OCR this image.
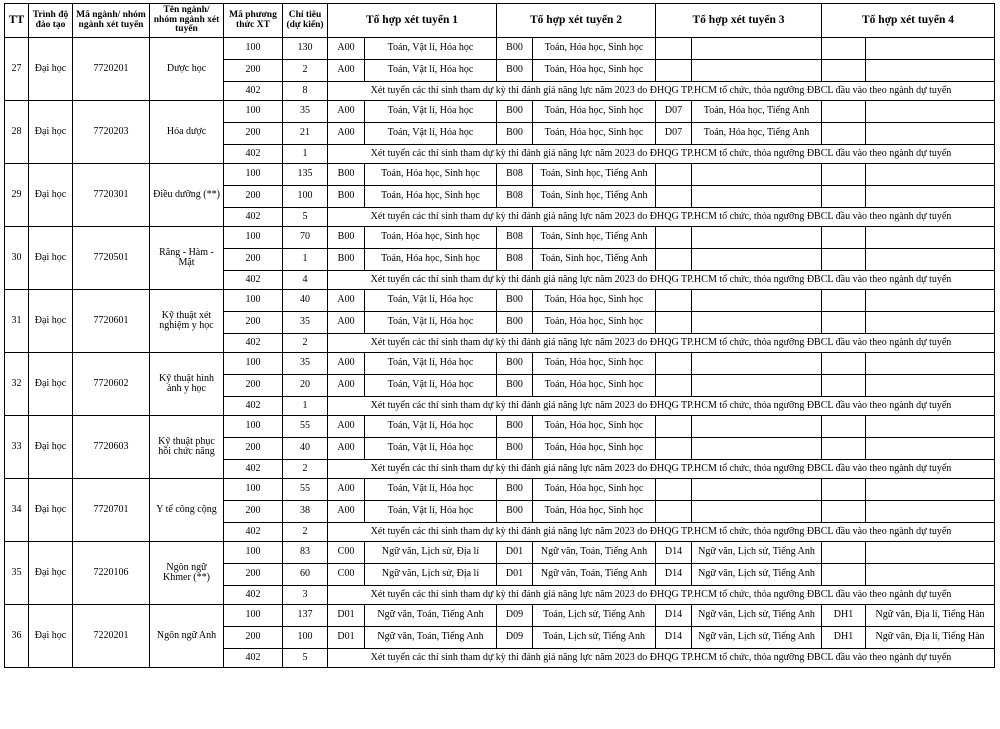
TT	Trình độ đào tạo	Mã ngành/ nhóm ngành xét tuyển	Tên ngành/ nhóm ngành xét tuyển	Mã phương thức XT	Chỉ tiêu (dự kiến)	Tổ hợp xét tuyển 1		Tổ hợp xét tuyển 2		Tổ hợp xét tuyển 3		Tổ hợp xét tuyển 4	
27	Đại học	7720201	Dược học	100	130	A00	Toán, Vật lí, Hóa học	B00	Toán, Hóa học, Sinh học				
				200	2	A00	Toán, Vật lí, Hóa học	B00	Toán, Hóa học, Sinh học				
				402	8	Xét tuyển các thí sinh tham dự kỳ thi đánh giá năng lực năm 2023 do ĐHQG TP.HCM tổ chức, thỏa ngưỡng ĐBCL đầu vào theo ngành dự tuyển							
28	Đại học	7720203	Hóa dược	100	35	A00	Toán, Vật lí, Hóa học	B00	Toán, Hóa học, Sinh học	D07	Toán, Hóa học, Tiếng Anh		
				200	21	A00	Toán, Vật lí, Hóa học	B00	Toán, Hóa học, Sinh học	D07	Toán, Hóa học, Tiếng Anh		
				402	1	Xét tuyển các thí sinh tham dự kỳ thi đánh giá năng lực năm 2023 do ĐHQG TP.HCM tổ chức, thỏa ngưỡng ĐBCL đầu vào theo ngành dự tuyển							
29	Đại học	7720301	Điều dưỡng (**)	100	135	B00	Toán, Hóa học, Sinh học	B08	Toán, Sinh học, Tiếng Anh				
				200	100	B00	Toán, Hóa học, Sinh học	B08	Toán, Sinh học, Tiếng Anh				
				402	5	Xét tuyển các thí sinh tham dự kỳ thi đánh giá năng lực năm 2023 do ĐHQG TP.HCM tổ chức, thỏa ngưỡng ĐBCL đầu vào theo ngành dự tuyển							
30	Đại học	7720501	Răng - Hàm - Mặt	100	70	B00	Toán, Hóa học, Sinh học	B08	Toán, Sinh học, Tiếng Anh				
				200	1	B00	Toán, Hóa học, Sinh học	B08	Toán, Sinh học, Tiếng Anh				
				402	4	Xét tuyển các thí sinh tham dự kỳ thi đánh giá năng lực năm 2023 do ĐHQG TP.HCM tổ chức, thỏa ngưỡng ĐBCL đầu vào theo ngành dự tuyển							
31	Đại học	7720601	Kỹ thuật xét nghiệm y học	100	40	A00	Toán, Vật lí, Hóa học	B00	Toán, Hóa học, Sinh học				
				200	35	A00	Toán, Vật lí, Hóa học	B00	Toán, Hóa học, Sinh học				
				402	2	Xét tuyển các thí sinh tham dự kỳ thi đánh giá năng lực năm 2023 do ĐHQG TP.HCM tổ chức, thỏa ngưỡng ĐBCL đầu vào theo ngành dự tuyển							
32	Đại học	7720602	Kỹ thuật hình ảnh y học	100	35	A00	Toán, Vật lí, Hóa học	B00	Toán, Hóa học, Sinh học				
				200	20	A00	Toán, Vật lí, Hóa học	B00	Toán, Hóa học, Sinh học				
				402	1	Xét tuyển các thí sinh tham dự kỳ thi đánh giá năng lực năm 2023 do ĐHQG TP.HCM tổ chức, thỏa ngưỡng ĐBCL đầu vào theo ngành dự tuyển							
33	Đại học	7720603	Kỹ thuật phục hồi chức năng	100	55	A00	Toán, Vật lí, Hóa học	B00	Toán, Hóa học, Sinh học				
				200	40	A00	Toán, Vật lí, Hóa học	B00	Toán, Hóa học, Sinh học				
				402	2	Xét tuyển các thí sinh tham dự kỳ thi đánh giá năng lực năm 2023 do ĐHQG TP.HCM tổ chức, thỏa ngưỡng ĐBCL đầu vào theo ngành dự tuyển							
34	Đại học	7720701	Y tế công cộng	100	55	A00	Toán, Vật lí, Hóa học	B00	Toán, Hóa học, Sinh học				
				200	38	A00	Toán, Vật lí, Hóa học	B00	Toán, Hóa học, Sinh học				
				402	2	Xét tuyển các thí sinh tham dự kỳ thi đánh giá năng lực năm 2023 do ĐHQG TP.HCM tổ chức, thỏa ngưỡng ĐBCL đầu vào theo ngành dự tuyển							
35	Đại học	7220106	Ngôn ngữ Khmer (**)	100	83	C00	Ngữ văn, Lịch sử, Địa lí	D01	Ngữ văn, Toán, Tiếng Anh	D14	Ngữ văn, Lịch sử, Tiếng Anh		
				200	60	C00	Ngữ văn, Lịch sử, Địa lí	D01	Ngữ văn, Toán, Tiếng Anh	D14	Ngữ văn, Lịch sử, Tiếng Anh		
				402	3	Xét tuyển các thí sinh tham dự kỳ thi đánh giá năng lực năm 2023 do ĐHQG TP.HCM tổ chức, thỏa ngưỡng ĐBCL đầu vào theo ngành dự tuyển							
36	Đại học	7220201	Ngôn ngữ Anh	100	137	D01	Ngữ văn, Toán, Tiếng Anh	D09	Toán, Lịch sử, Tiếng Anh	D14	Ngữ văn, Lịch sử, Tiếng Anh	DH1	Ngữ văn, Địa lí, Tiếng Hàn
				200	100	D01	Ngữ văn, Toán, Tiếng Anh	D09	Toán, Lịch sử, Tiếng Anh	D14	Ngữ văn, Lịch sử, Tiếng Anh	DH1	Ngữ văn, Địa lí, Tiếng Hàn
				402	5	Xét tuyển các thí sinh tham dự kỳ thi đánh giá năng lực năm 2023 do ĐHQG TP.HCM tổ chức, thỏa ngưỡng ĐBCL đầu vào theo ngành dự tuyển							
